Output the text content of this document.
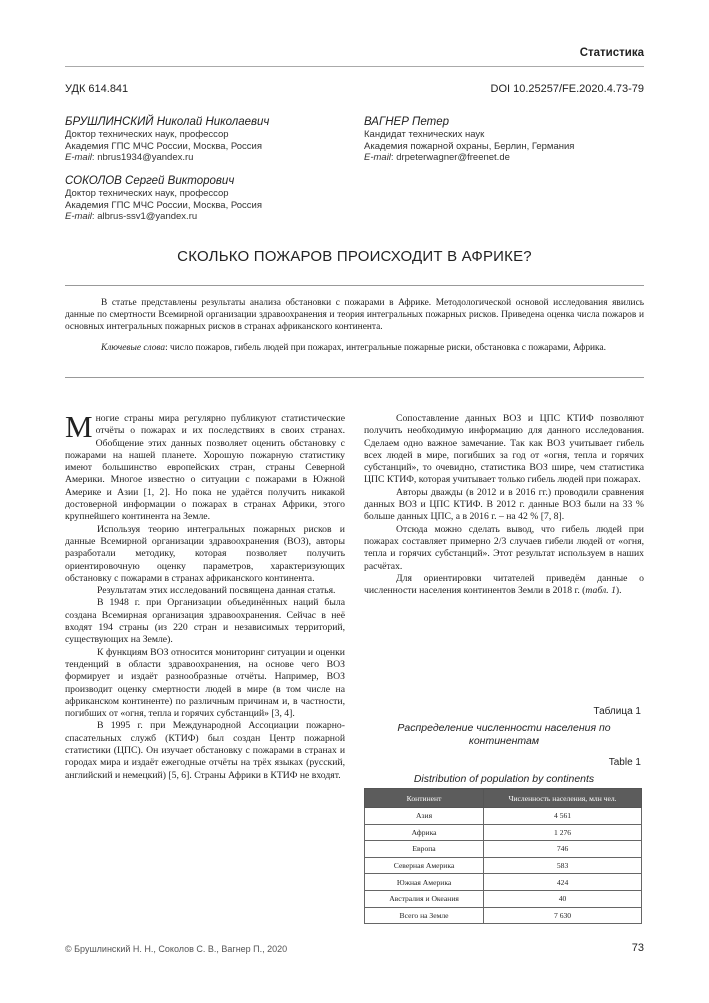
Статистика
УДК 614.841	DOI 10.25257/FE.2020.4.73-79
БРУШЛИНСКИЙ Николай Николаевич
Доктор технических наук, профессор
Академия ГПС МЧС России, Москва, Россия
E-mail: nbrus1934@yandex.ru
ВАГНЕР Петер
Кандидат технических наук
Академия пожарной охраны, Берлин, Германия
E-mail: drpeterwagner@freenet.de
СОКОЛОВ Сергей Викторович
Доктор технических наук, профессор
Академия ГПС МЧС России, Москва, Россия
E-mail: albrus-ssv1@yandex.ru
СКОЛЬКО ПОЖАРОВ ПРОИСХОДИТ В АФРИКЕ?

В статье представлены результаты анализа обстановки с пожарами в Африке. Методологической основой исследования явились данные по смертности Всемирной организации здравоохранения и теория интегральных пожарных рисков. Приведена оценка числа пожаров и основных интегральных пожарных рисков в странах африканского континента.

Ключевые слова: число пожаров, гибель людей при пожарах, интегральные пожарные риски, обстановка с пожарами, Африка.

Многие страны мира регулярно публикуют статистические отчёты о пожарах и их последствиях в своих странах. Обобщение этих данных позволяет оценить обстановку с пожарами на нашей планете. Хорошую пожарную статистику имеют большинство европейских стран, страны Северной Америки. Многое известно о ситуации с пожарами в Южной Америке и Азии [1, 2]. Но пока не удаётся получить никакой достоверной информации о пожарах в странах Африки, этого крупнейшего континента на Земле.

Используя теорию интегральных пожарных рисков и данные Всемирной организации здравоохранения (ВОЗ), авторы разработали методику, которая позволяет получить ориентировочную оценку параметров, характеризующих обстановку с пожарами в странах африканского континента.

Результатам этих исследований посвящена данная статья.

В 1948 г. при Организации объединённых наций была создана Всемирная организация здравоохранения. Сейчас в неё входят 194 страны (из 220 стран и независимых территорий, существующих на Земле).

К функциям ВОЗ относится мониторинг ситуации и оценки тенденций в области здравоохранения, на основе чего ВОЗ формирует и издаёт разнообразные отчёты. Например, ВОЗ производит оценку смертности людей в мире (в том числе на африканском континенте) по различным причинам и, в частности, погибших от «огня, тепла и горячих субстанций» [3, 4].

В 1995 г. при Международной Ассоциации пожарно-спасательных служб (КТИФ) был создан Центр пожарной статистики (ЦПС). Он изучает обстановку с пожарами в странах и городах мира и издаёт ежегодные отчёты на трёх языках (русский, английский и немецкий) [5, 6]. Страны Африки в КТИФ не входят.

Сопоставление данных ВОЗ и ЦПС КТИФ позволяют получить необходимую информацию для данного исследования. Сделаем одно важное замечание. Так как ВОЗ учитывает гибель всех людей в мире, погибших за год от «огня, тепла и горячих субстанций», то очевидно, статистика ВОЗ шире, чем статистика ЦПС КТИФ, которая учитывает только гибель людей при пожарах.

Авторы дважды (в 2012 и в 2016 гг.) проводили сравнения данных ВОЗ и ЦПС КТИФ. В 2012 г. данные ВОЗ были на 33 % больше данных ЦПС, а в 2016 г. – на 42 % [7, 8].

Отсюда можно сделать вывод, что гибель людей при пожарах составляет примерно 2/3 случаев гибели людей от «огня, тепла и горячих субстанций». Этот результат используем в наших расчётах.

Для ориентировки читателей приведём данные о численности населения континентов Земли в 2018 г. (табл. 1).

Таблица 1
Распределение численности населения по континентам
Table 1
Distribution of population by continents
Континент	Численность населения, млн чел.
Азия	4 561
Африка	1 276
Европа	746
Северная Америка	583
Южная Америка	424
Австралия и Океания	40
Всего на Земле	7 630
© Брушлинский Н. Н., Соколов С. В., Вагнер П., 2020	73
